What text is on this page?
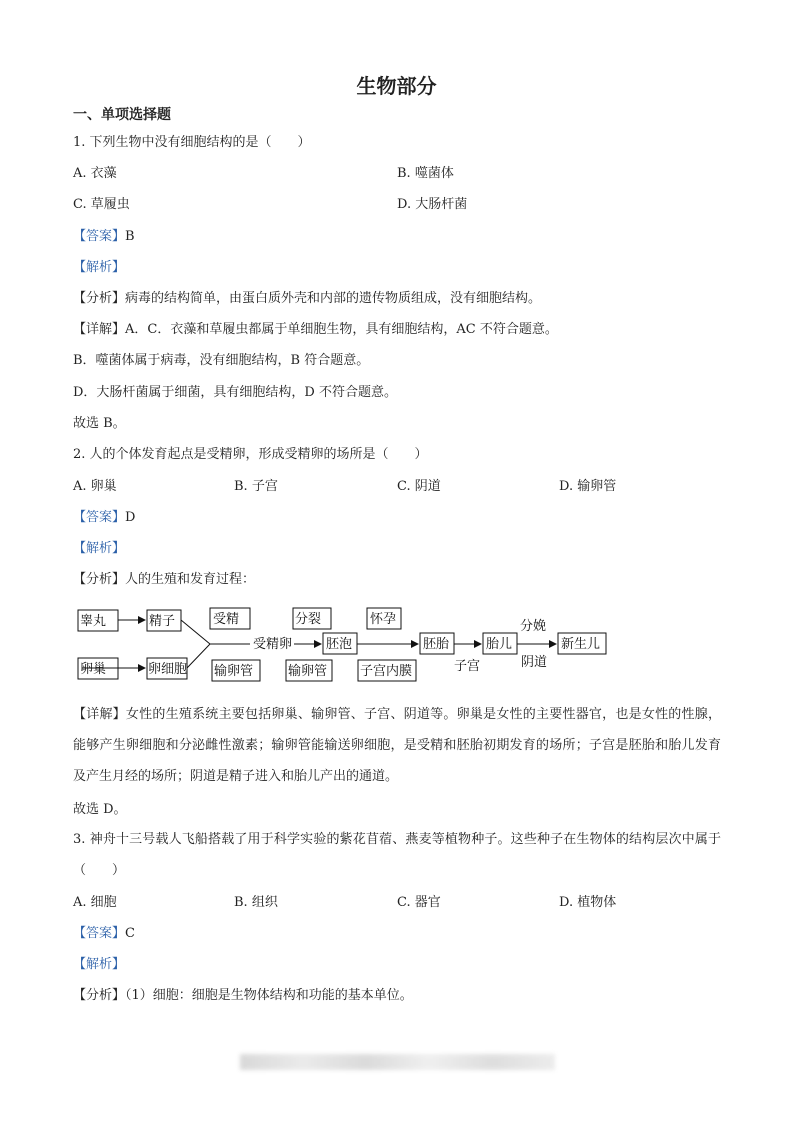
生物部分
一、单项选择题
1. 下列生物中没有细胞结构的是（　　）
A. 衣藻	B. 噬菌体
C. 草履虫	D. 大肠杆菌
【答案】B
【解析】
【分析】病毒的结构简单，由蛋白质外壳和内部的遗传物质组成，没有细胞结构。
【详解】A．C．衣藻和草履虫都属于单细胞生物，具有细胞结构，AC 不符合题意。
B．噬菌体属于病毒，没有细胞结构，B 符合题意。
D．大肠杆菌属于细菌，具有细胞结构，D 不符合题意。
故选 B。
2. 人的个体发育起点是受精卵，形成受精卵的场所是（　　）
A. 卵巢	B. 子宫	C. 阴道	D. 输卵管
【答案】D
【解析】
【分析】人的生殖和发育过程：
睾丸	精子
卵巢	卵细胞
受精
输卵管
受精卵
分裂
输卵管
胚泡
怀孕
子宫内膜
胚胎
子宫
胎儿
分娩
阴道
新生儿
【详解】女性的生殖系统主要包括卵巢、输卵管、子宫、阴道等。卵巢是女性的主要性器官，也是女性的性腺，能够产生卵细胞和分泌雌性激素；输卵管能输送卵细胞，是受精和胚胎初期发育的场所；子宫是胚胎和胎儿发育及产生月经的场所；阴道是精子进入和胎儿产出的通道。
故选 D。
3. 神舟十三号载人飞船搭载了用于科学实验的紫花苜蓿、燕麦等植物种子。这些种子在生物体的结构层次中属于（　　）
A. 细胞	B. 组织	C. 器官	D. 植物体
【答案】C
【解析】
【分析】（1）细胞：细胞是生物体结构和功能的基本单位。
